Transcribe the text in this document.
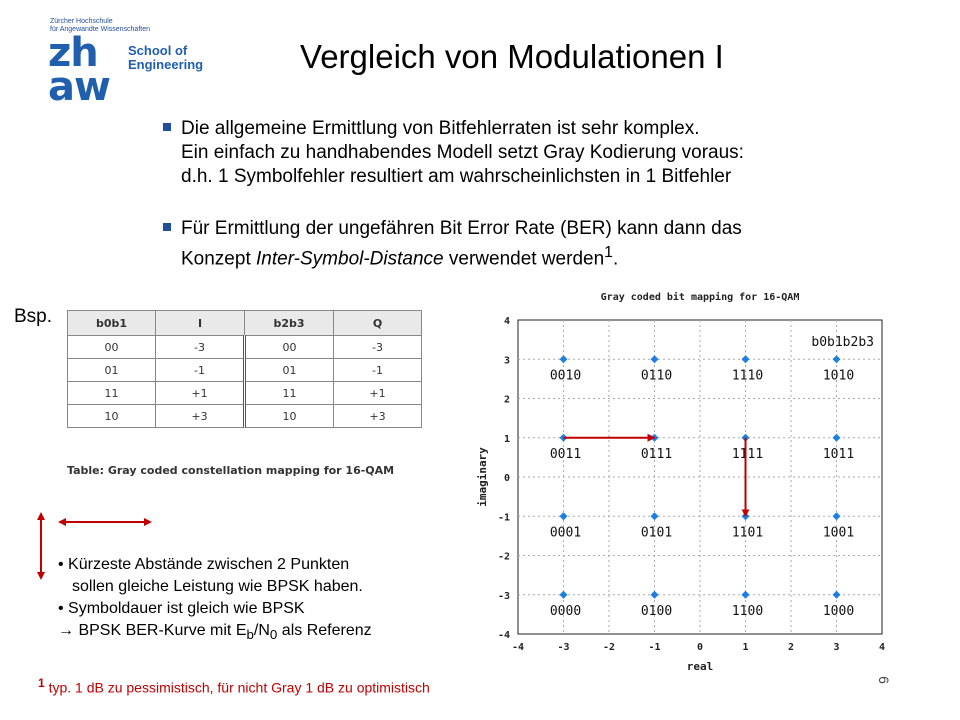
Zürcher Hochschule
für Angewandte Wissenschaften
zh
aw
School of
Engineering	Vergleich von Modulationen I
Die allgemeine Ermittlung von Bitfehlerraten ist sehr komplex.
Ein einfach zu handhabendes Modell setzt Gray Kodierung voraus:
d.h. 1 Symbolfehler resultiert am wahrscheinlichsten in 1 Bitfehler
Für Ermittlung der ungefähren Bit Error Rate (BER) kann dann das
Konzept Inter-Symbol-Distance verwendet werden$^1$.
Bsp.	b0b1	I	b2b3	Q
00	-3	00	-3
01	-1	01	-1
11	+1	11	+1
10	+3	10	+3
Table: Gray coded constellation mapping for 16-QAM
• Kürzeste Abstände zwischen 2 Punkten
sollen gleiche Leistung wie BPSK haben.
• Symboldauer ist gleich wie BPSK
→ BPSK BER-Kurve mit $E_b/N_0$ als Referenz
Gray coded bit mapping for 16-QAM
-4	-3	-2	-1	0	1	2	3	4
-4
-3
-2
-1
0
1
2
3
4
real
imaginary
b0b1b2b3
0010	0110	1110	1010
0011	0111	1111	1011
0001	0101	1101	1001
0000	0100	1100	1000
$^1$ typ. 1 dB zu pessimistisch, für nicht Gray 1 dB zu optimistisch	6
